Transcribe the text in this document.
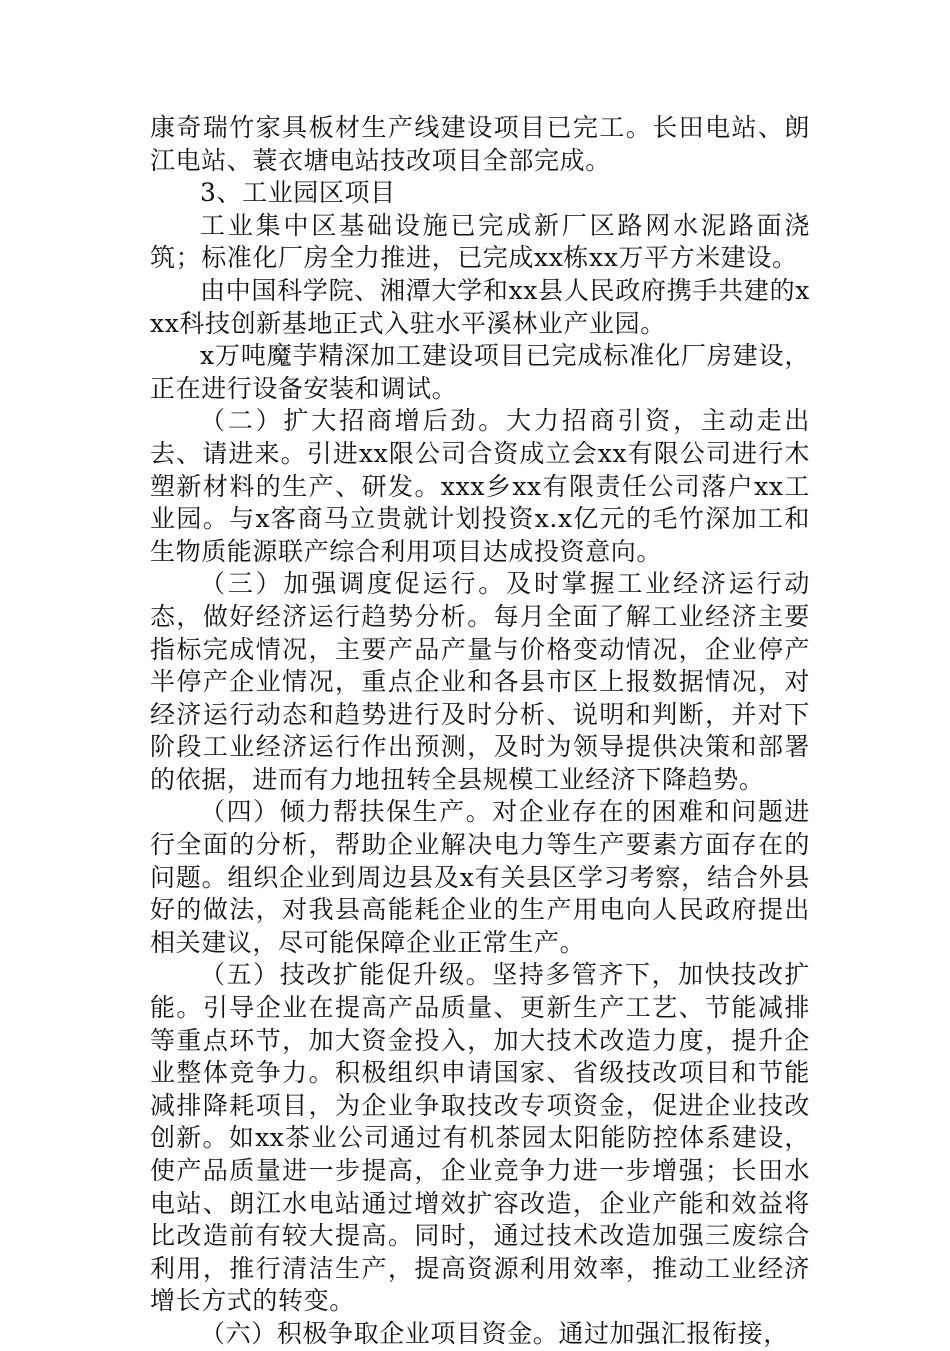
康奇瑞竹家具板材生产线建设项目已完工。长田电站、朗江电站、蓑衣塘电站技改项目全部完成。

3、工业园区项目

工业集中区基础设施已完成新厂区路网水泥路面浇筑；标准化厂房全力推进，已完成xx栋xx万平方米建设。

由中国科学院、湘潭大学和xx县人民政府携手共建的xxx科技创新基地正式入驻水平溪林业产业园。

x万吨魔芋精深加工建设项目已完成标准化厂房建设，正在进行设备安装和调试。

（二）扩大招商增后劲。大力招商引资，主动走出去、请进来。引进xx限公司合资成立会xx有限公司进行木塑新材料的生产、研发。xxx乡xx有限责任公司落户xx工业园。与x客商马立贵就计划投资x.x亿元的毛竹深加工和生物质能源联产综合利用项目达成投资意向。

（三）加强调度促运行。及时掌握工业经济运行动态，做好经济运行趋势分析。每月全面了解工业经济主要指标完成情况，主要产品产量与价格变动情况，企业停产半停产企业情况，重点企业和各县市区上报数据情况，对经济运行动态和趋势进行及时分析、说明和判断，并对下阶段工业经济运行作出预测，及时为领导提供决策和部署的依据，进而有力地扭转全县规模工业经济下降趋势。

（四）倾力帮扶保生产。对企业存在的困难和问题进行全面的分析，帮助企业解决电力等生产要素方面存在的问题。组织企业到周边县及x有关县区学习考察，结合外县好的做法，对我县高能耗企业的生产用电向人民政府提出相关建议，尽可能保障企业正常生产。

（五）技改扩能促升级。坚持多管齐下，加快技改扩能。引导企业在提高产品质量、更新生产工艺、节能减排等重点环节，加大资金投入，加大技术改造力度，提升企业整体竞争力。积极组织申请国家、省级技改项目和节能减排降耗项目，为企业争取技改专项资金，促进企业技改创新。如xx茶业公司通过有机茶园太阳能防控体系建设，使产品质量进一步提高，企业竞争力进一步增强；长田水电站、朗江水电站通过增效扩容改造，企业产能和效益将比改造前有较大提高。同时，通过技术改造加强三废综合利用，推行清洁生产，提高资源利用效率，推动工业经济增长方式的转变。

（六）积极争取企业项目资金。通过加强汇报衔接，
